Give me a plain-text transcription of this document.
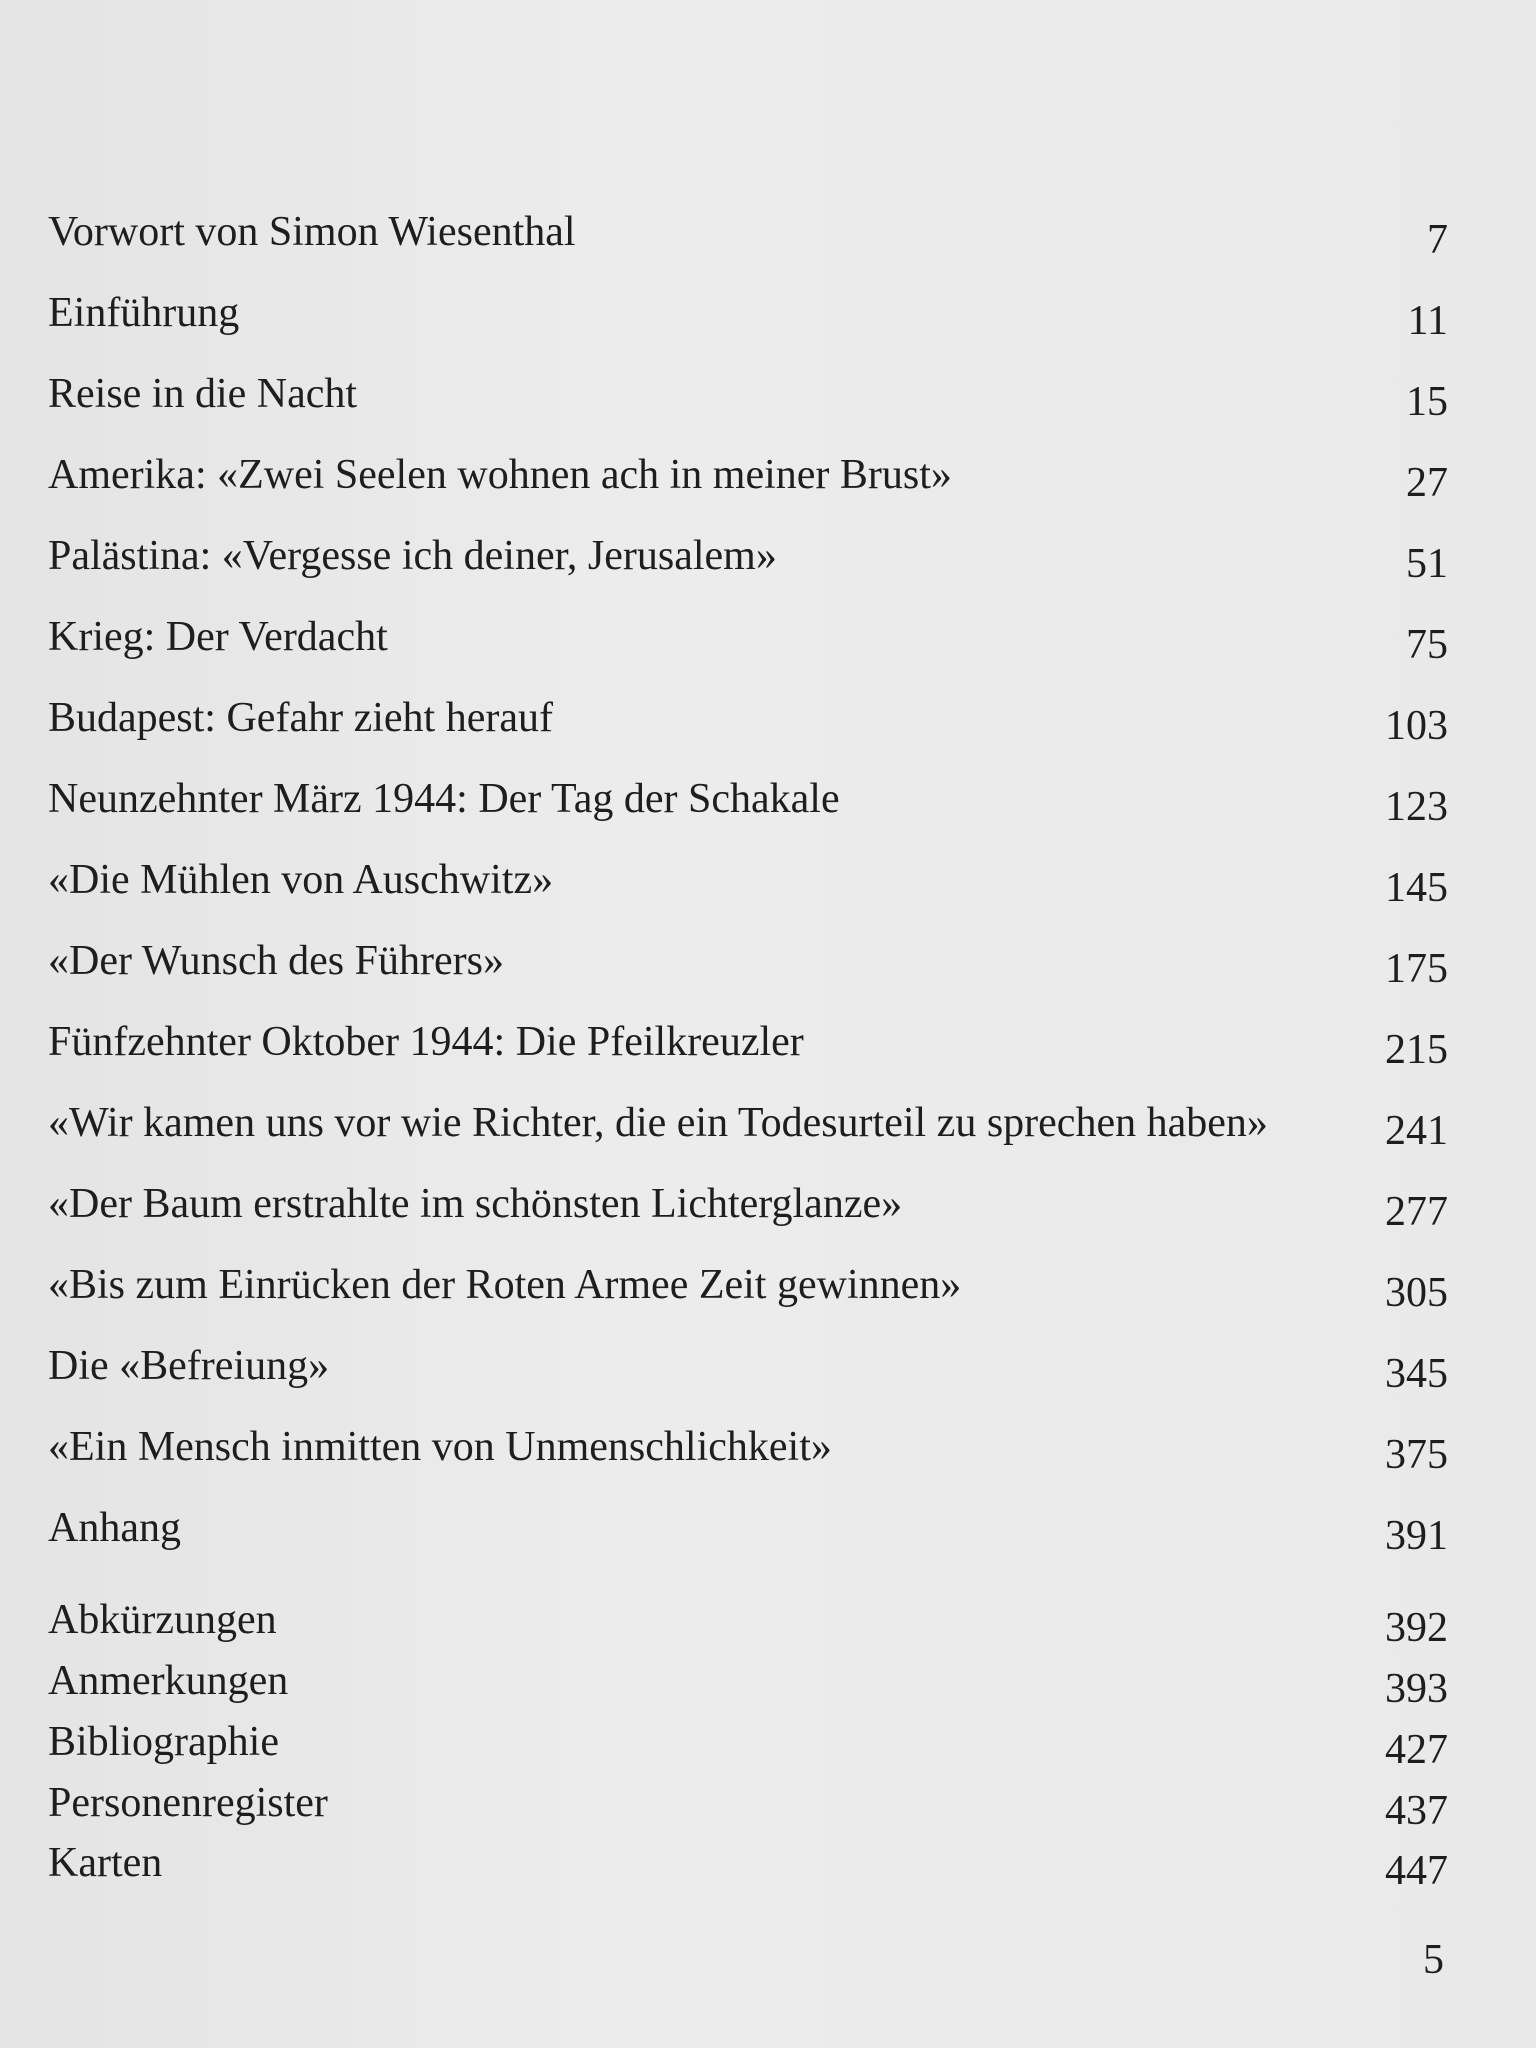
Vorwort von Simon Wiesenthal	7
Einführung	11
Reise in die Nacht	15
Amerika: «Zwei Seelen wohnen ach in meiner Brust»	27
Palästina: «Vergesse ich deiner, Jerusalem»	51
Krieg: Der Verdacht	75
Budapest: Gefahr zieht herauf	103
Neunzehnter März 1944: Der Tag der Schakale	123
«Die Mühlen von Auschwitz»	145
«Der Wunsch des Führers»	175
Fünfzehnter Oktober 1944: Die Pfeilkreuzler	215
«Wir kamen uns vor wie Richter, die ein Todesurteil zu sprechen haben»	241
«Der Baum erstrahlte im schönsten Lichterglanze»	277
«Bis zum Einrücken der Roten Armee Zeit gewinnen»	305
Die «Befreiung»	345
«Ein Mensch inmitten von Unmenschlichkeit»	375
Anhang	391
Abkürzungen	392
Anmerkungen	393
Bibliographie	427
Personenregister	437
Karten	447
5
